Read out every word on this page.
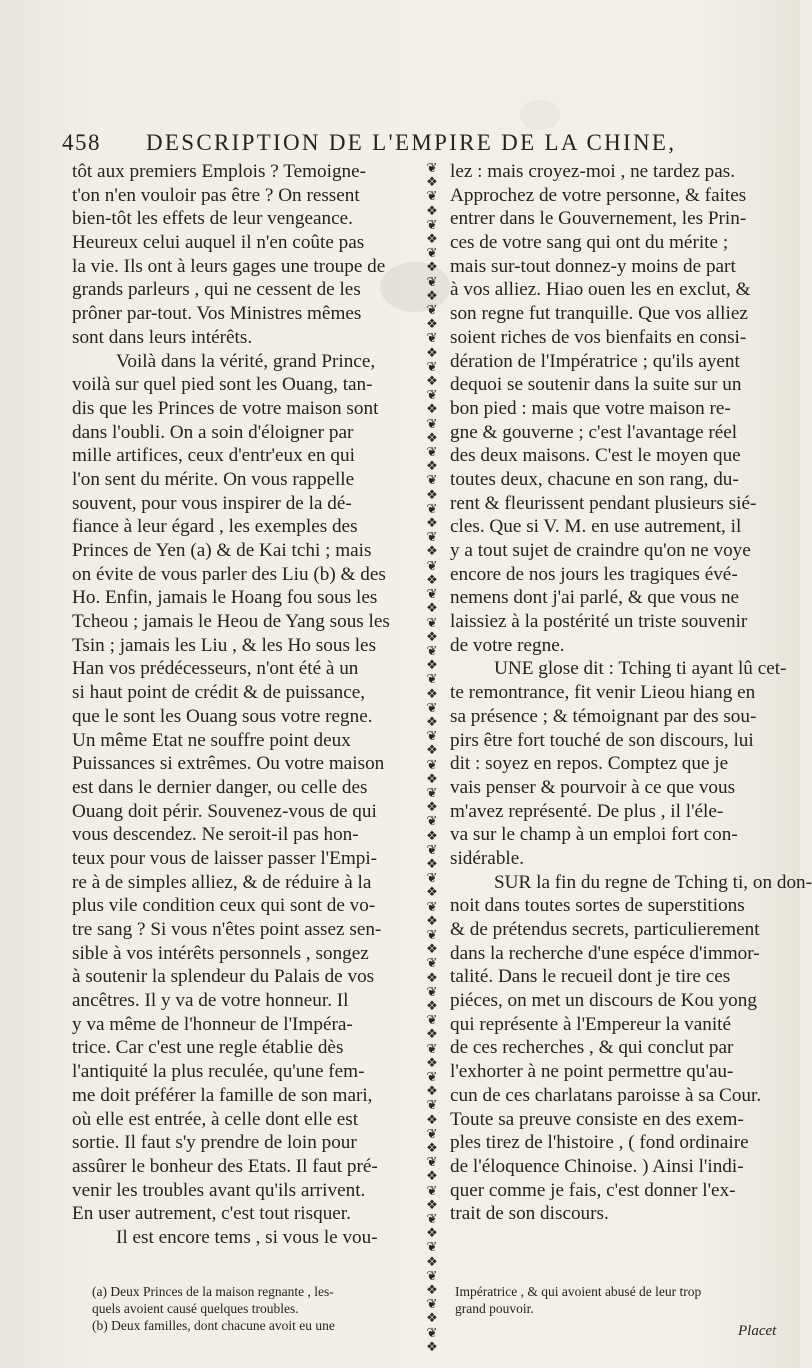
458 DESCRIPTION DE L'EMPIRE DE LA CHINE,
tôt aux premiers Emplois ? Temoigne-
t'on n'en vouloir pas être ? On ressent
bien-tôt les effets de leur vengeance.
Heureux celui auquel il n'en coûte pas
la vie. Ils ont à leurs gages une troupe de
grands parleurs , qui ne cessent de les
prôner par-tout. Vos Ministres mêmes
sont dans leurs intérêts.
Voilà dans la vérité, grand Prince,
voilà sur quel pied sont les Ouang, tan-
dis que les Princes de votre maison sont
dans l'oubli. On a soin d'éloigner par
mille artifices, ceux d'entr'eux en qui
l'on sent du mérite. On vous rappelle
souvent, pour vous inspirer de la dé-
fiance à leur égard , les exemples des
Princes de Yen (a) & de Kai tchi ; mais
on évite de vous parler des Liu (b) & des
Ho. Enfin, jamais le Hoang fou sous les
Tcheou ; jamais le Heou de Yang sous les
Tsin ; jamais les Liu , & les Ho sous les
Han vos prédécesseurs, n'ont été à un
si haut point de crédit & de puissance,
que le sont les Ouang sous votre regne.
Un même Etat ne souffre point deux
Puissances si extrêmes. Ou votre maison
est dans le dernier danger, ou celle des
Ouang doit périr. Souvenez-vous de qui
vous descendez. Ne seroit-il pas hon-
teux pour vous de laisser passer l'Empi-
re à de simples alliez, & de réduire à la
plus vile condition ceux qui sont de vo-
tre sang ? Si vous n'êtes point assez sen-
sible à vos intérêts personnels , songez
à soutenir la splendeur du Palais de vos
ancêtres. Il y va de votre honneur. Il
y va même de l'honneur de l'Impéra-
trice. Car c'est une regle établie dès
l'antiquité la plus reculée, qu'une fem-
me doit préférer la famille de son mari,
où elle est entrée, à celle dont elle est
sortie. Il faut s'y prendre de loin pour
assûrer le bonheur des Etats. Il faut pré-
venir les troubles avant qu'ils arrivent.
En user autrement, c'est tout risquer.
Il est encore tems , si vous le vou-
❦
❖
❦
❖
❦
❖
❦
❖
❦
❖
❦
❖
❦
❖
❦
❖
❦
❖
❦
❖
❦
❖
❦
❖
❦
❖
❦
❖
❦
❖
❦
❖
❦
❖
❦
❖
❦
❖
❦
❖
❦
❖
❦
❖
❦
❖
❦
❖
❦
❖
❦
❖
❦
❖
❦
❖
❦
❖
❦
❖
❦
❖
❦
❖
❦
❖
❦
❖
❦
❖
❦
❖
❦
❖
❦
❖
❦
❖
❦
❖
❦
❖
❦
❖

lez : mais croyez-moi , ne tardez pas.
Approchez de votre personne, & faites
entrer dans le Gouvernement, les Prin-
ces de votre sang qui ont du mérite ;
mais sur-tout donnez-y moins de part
à vos alliez. Hiao ouen les en exclut, &
son regne fut tranquille. Que vos alliez
soient riches de vos bienfaits en consi-
dération de l'Impératrice ; qu'ils ayent
dequoi se soutenir dans la suite sur un
bon pied : mais que votre maison re-
gne & gouverne ; c'est l'avantage réel
des deux maisons. C'est le moyen que
toutes deux, chacune en son rang, du-
rent & fleurissent pendant plusieurs sié-
cles. Que si V. M. en use autrement, il
y a tout sujet de craindre qu'on ne voye
encore de nos jours les tragiques évé-
nemens dont j'ai parlé, & que vous ne
laissiez à la postérité un triste souvenir
de votre regne.
UNE glose dit : Tching ti ayant lû cet-
te remontrance, fit venir Lieou hiang en
sa présence ; & témoignant par des sou-
pirs être fort touché de son discours, lui
dit : soyez en repos. Comptez que je
vais penser & pourvoir à ce que vous
m'avez représenté. De plus , il l'éle-
va sur le champ à un emploi fort con-
sidérable.
SUR la fin du regne de Tching ti, on don-
noit dans toutes sortes de superstitions
& de prétendus secrets, particulierement
dans la recherche d'une espéce d'immor-
talité. Dans le recueil dont je tire ces
piéces, on met un discours de Kou yong
qui représente à l'Empereur la vanité
de ces recherches , & qui conclut par
l'exhorter à ne point permettre qu'au-
cun de ces charlatans paroisse à sa Cour.
Toute sa preuve consiste en des exem-
ples tirez de l'histoire , ( fond ordinaire
de l'éloquence Chinoise. ) Ainsi l'indi-
quer comme je fais, c'est donner l'ex-
trait de son discours.
(a) Deux Princes de la maison regnante , les-
quels avoient causé quelques troubles.
(b) Deux familles, dont chacune avoit eu une
Impératrice , & qui avoient abusé de leur trop
grand pouvoir.
Placet
